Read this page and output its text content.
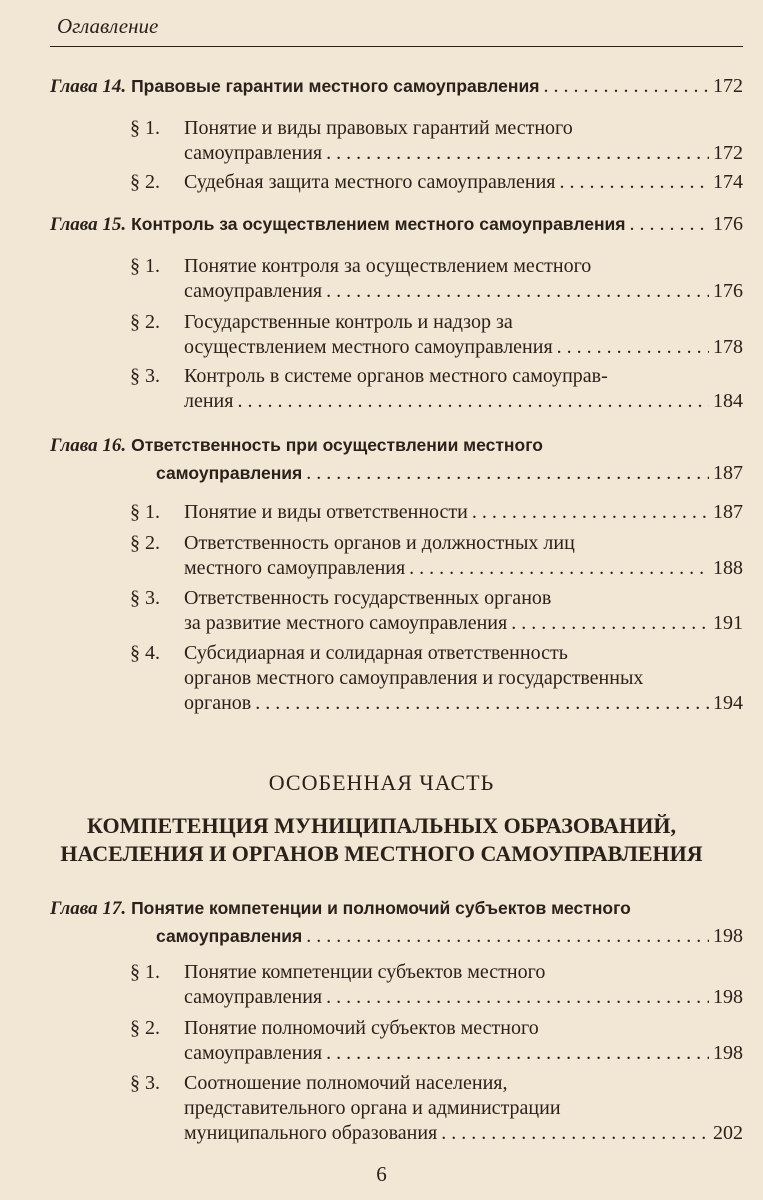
Оглавление
Глава 14.
Правовые гарантии местного самоуправления . . .	172
§ 1.	Понятие и виды правовых гарантий местного
самоуправления . . .	172
§ 2.	Судебная защита местного самоуправления . . .	174
Глава 15.
Контроль за осуществлением местного самоуправления . . .	176
§ 1.	Понятие контроля за осуществлением местного
самоуправления . . .	176
§ 2.	Государственные контроль и надзор за
осуществлением местного самоуправления . . .	178
§ 3.	Контроль в системе органов местного самоуправ-
ления . . .	184
Глава 16.
Ответственность при осуществлении местного
самоуправления . . .	187
§ 1.	Понятие и виды ответственности . . .	187
§ 2.	Ответственность органов и должностных лиц
местного самоуправления . . .	188
§ 3.	Ответственность государственных органов
за развитие местного самоуправления . . .	191
§ 4.	Субсидиарная и солидарная ответственность
органов местного самоуправления и государственных
органов . . .	194
ОСОБЕННАЯ ЧАСТЬ
КОМПЕТЕНЦИЯ МУНИЦИПАЛЬНЫХ ОБРАЗОВАНИЙ,
НАСЕЛЕНИЯ И ОРГАНОВ МЕСТНОГО САМОУПРАВЛЕНИЯ
Глава 17.
Понятие компетенции и полномочий субъектов местного
самоуправления . . .	198
§ 1.	Понятие компетенции субъектов местного
самоуправления . . .	198
§ 2.	Понятие полномочий субъектов местного
самоуправления . . .	198
§ 3.	Соотношение полномочий населения,
представительного органа и администрации
муниципального образования . . .	202
6
